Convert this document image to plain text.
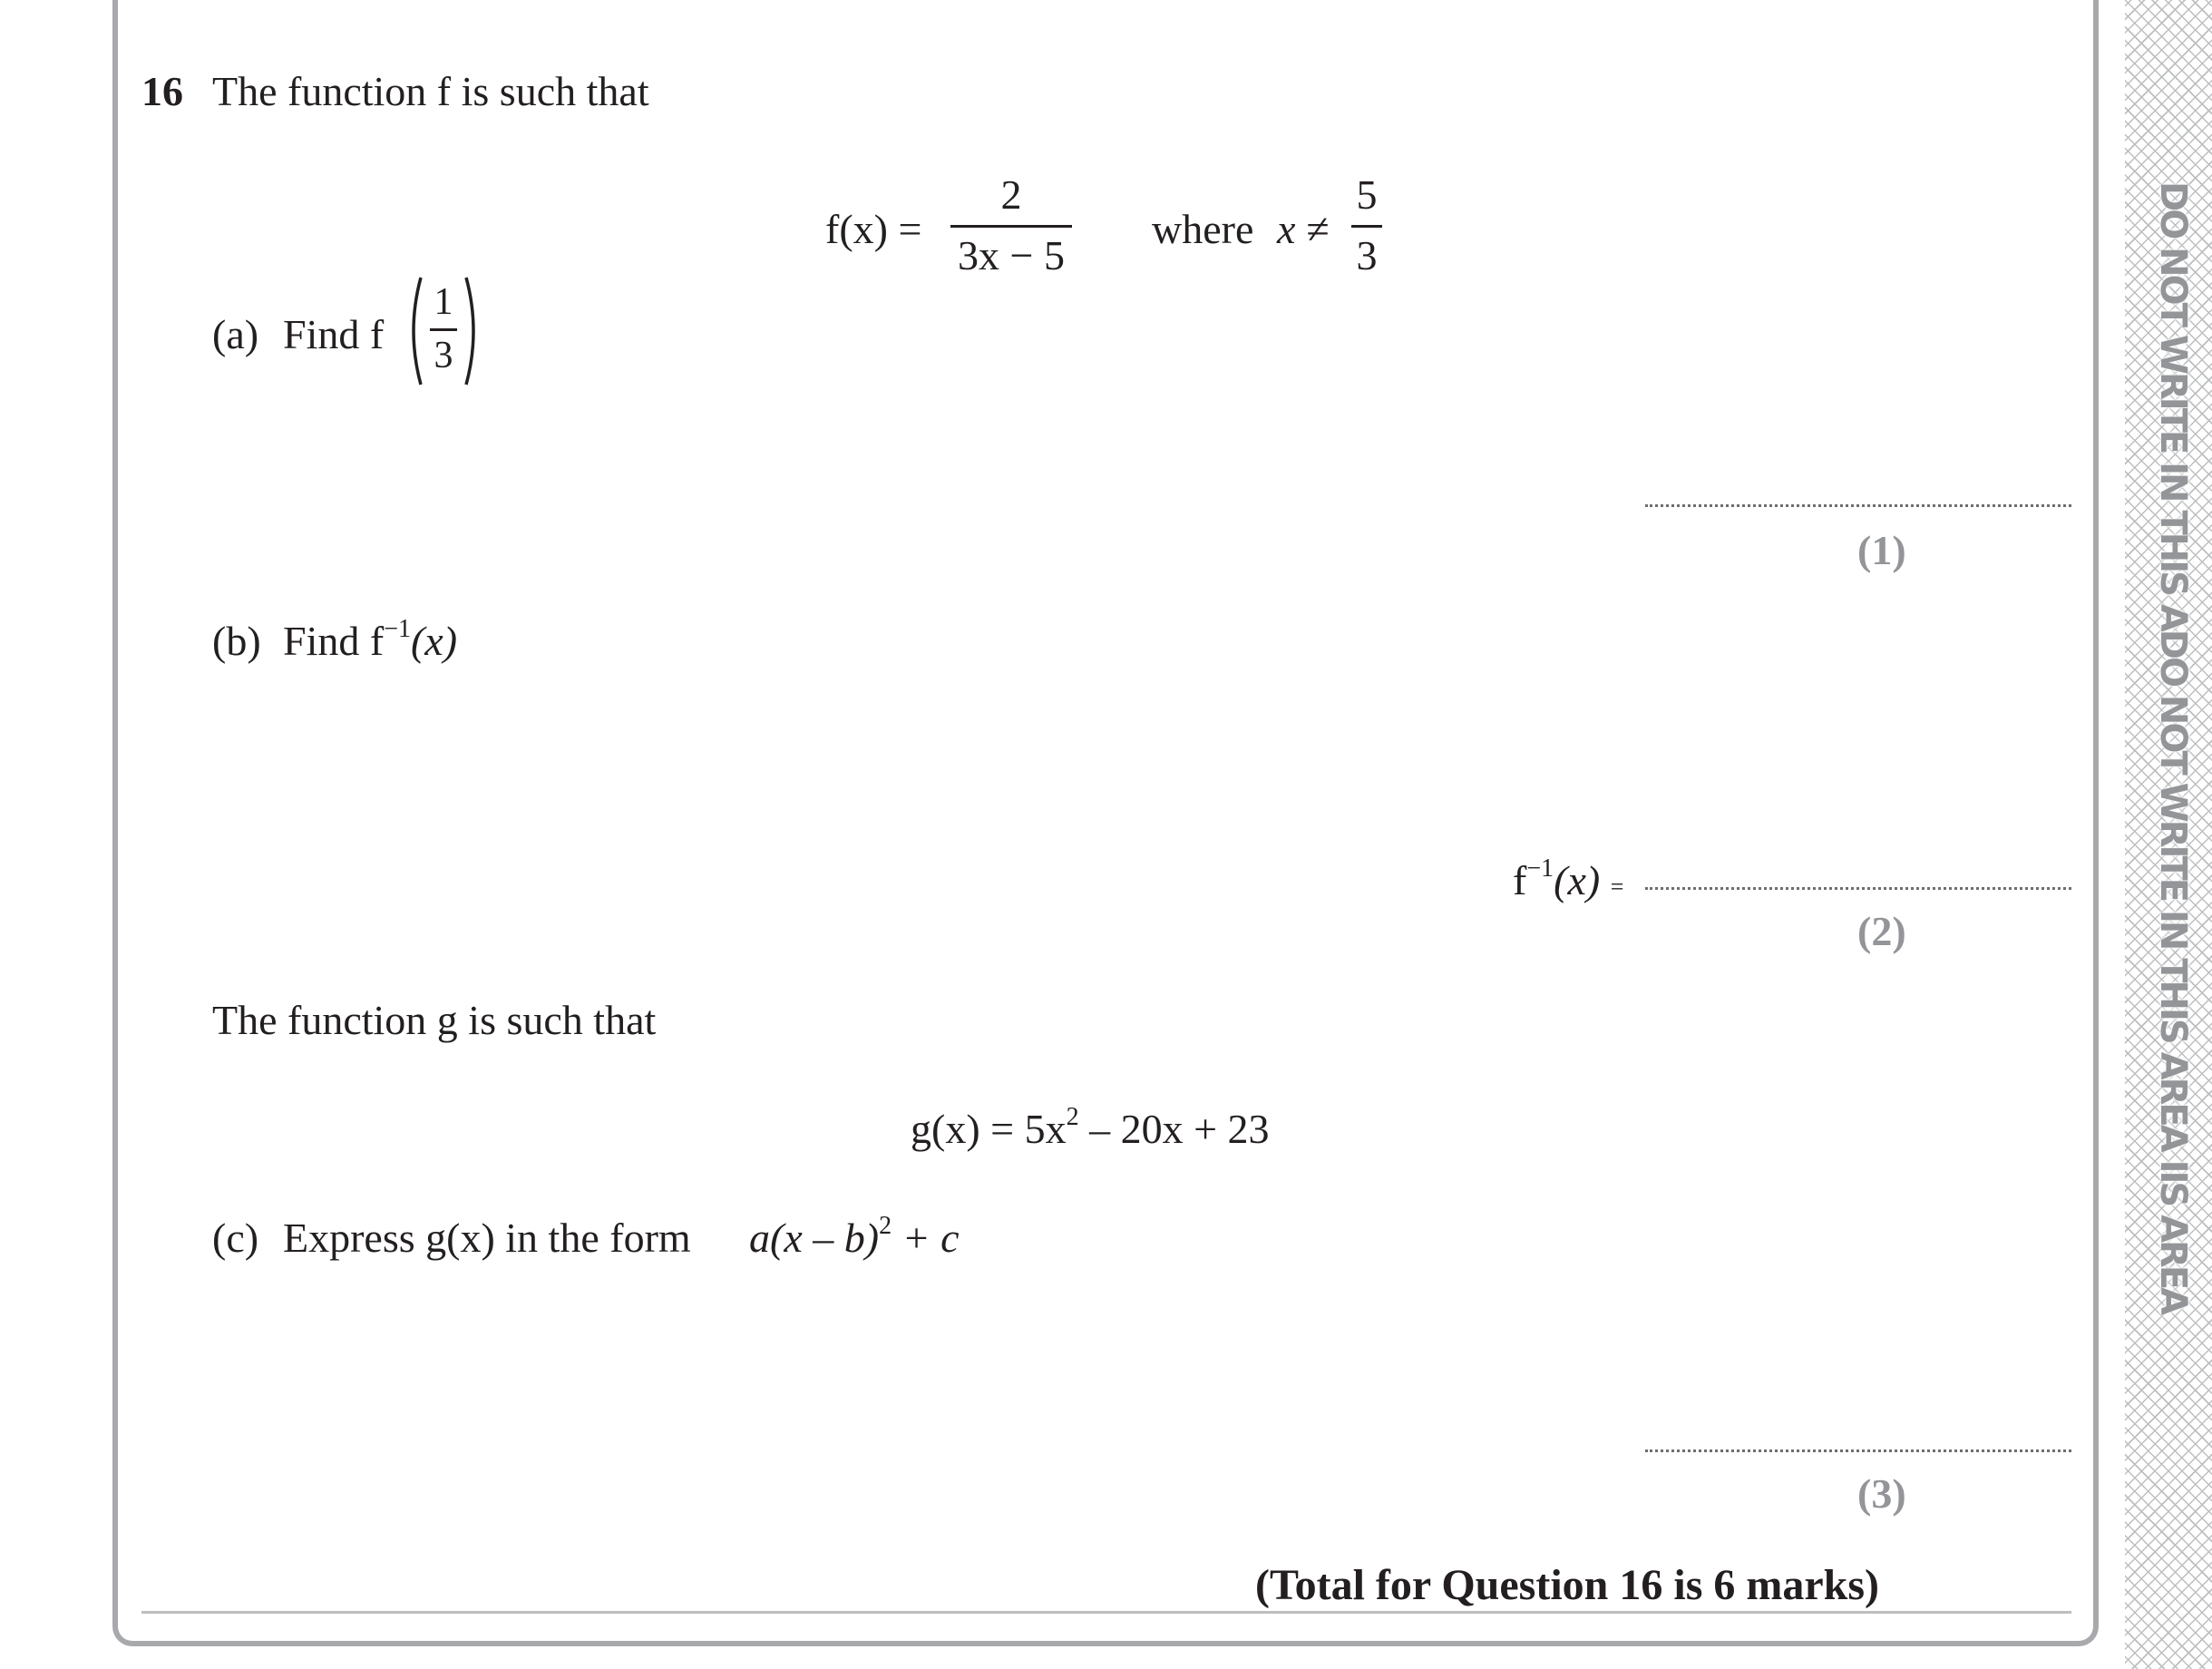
DO NOT WRITE IN THIS ADO NOT WRITE IN THIS AREA IIS AREA
16 The function f is such that
f(x) =
2
3x − 5
where x ≠
5
3
(a) Find f
1
3
(1)
(b) Find $f^{-1}(x)$
$f^{-1}(x)$ =
(2)
The function g is such that
$g(x) = 5x^2 - 20x + 23$
(c) Express g(x) in the form a(x – b)$^2$ + c
(3)
(Total for Question 16 is 6 marks)
